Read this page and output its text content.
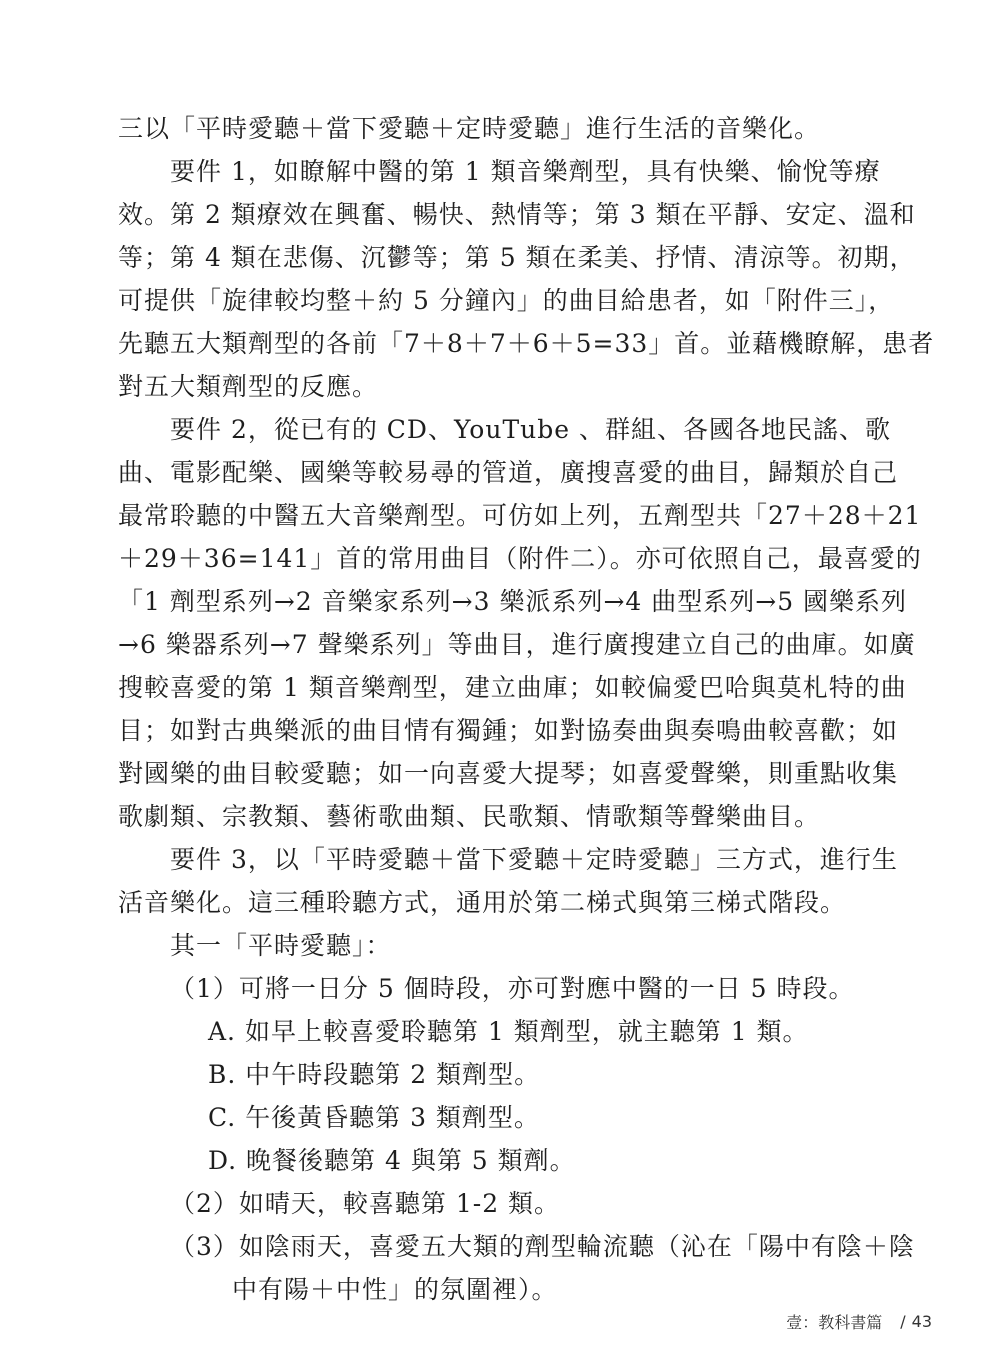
三以「平時愛聽＋當下愛聽＋定時愛聽」進行生活的音樂化。
要件 1，如瞭解中醫的第 1 類音樂劑型，具有快樂、愉悅等療
效。第 2 類療效在興奮、暢快、熱情等；第 3 類在平靜、安定、溫和
等；第 4 類在悲傷、沉鬱等；第 5 類在柔美、抒情、清涼等。初期，
可提供「旋律較均整＋約 5 分鐘內」的曲目給患者，如「附件三」，
先聽五大類劑型的各前「7＋8＋7＋6＋5=33」首。並藉機瞭解，患者
對五大類劑型的反應。
要件 2，從已有的 CD、YouTube 、群組、各國各地民謠、歌
曲、電影配樂、國樂等較易尋的管道，廣搜喜愛的曲目，歸類於自己
最常聆聽的中醫五大音樂劑型。可仿如上列，五劑型共「27＋28＋21
＋29＋36=141」首的常用曲目（附件二）。亦可依照自己，最喜愛的
「1 劑型系列→2 音樂家系列→3 樂派系列→4 曲型系列→5 國樂系列
→6 樂器系列→7 聲樂系列」等曲目，進行廣搜建立自己的曲庫。如廣
搜較喜愛的第 1 類音樂劑型，建立曲庫；如較偏愛巴哈與莫札特的曲
目；如對古典樂派的曲目情有獨鍾；如對協奏曲與奏鳴曲較喜歡；如
對國樂的曲目較愛聽；如一向喜愛大提琴；如喜愛聲樂，則重點收集
歌劇類、宗教類、藝術歌曲類、民歌類、情歌類等聲樂曲目。
要件 3，以「平時愛聽＋當下愛聽＋定時愛聽」三方式，進行生
活音樂化。這三種聆聽方式，通用於第二梯式與第三梯式階段。
其一「平時愛聽」：
（1）可將一日分 5 個時段，亦可對應中醫的一日 5 時段。
A. 如早上較喜愛聆聽第 1 類劑型，就主聽第 1 類。
B. 中午時段聽第 2 類劑型。
C. 午後黃昏聽第 3 類劑型。
D. 晚餐後聽第 4 與第 5 類劑。
（2）如晴天，較喜聽第 1-2 類。
（3）如陰雨天，喜愛五大類的劑型輪流聽（沁在「陽中有陰＋陰
中有陽＋中性」的氛圍裡）。
壹：教科書篇 / 43
